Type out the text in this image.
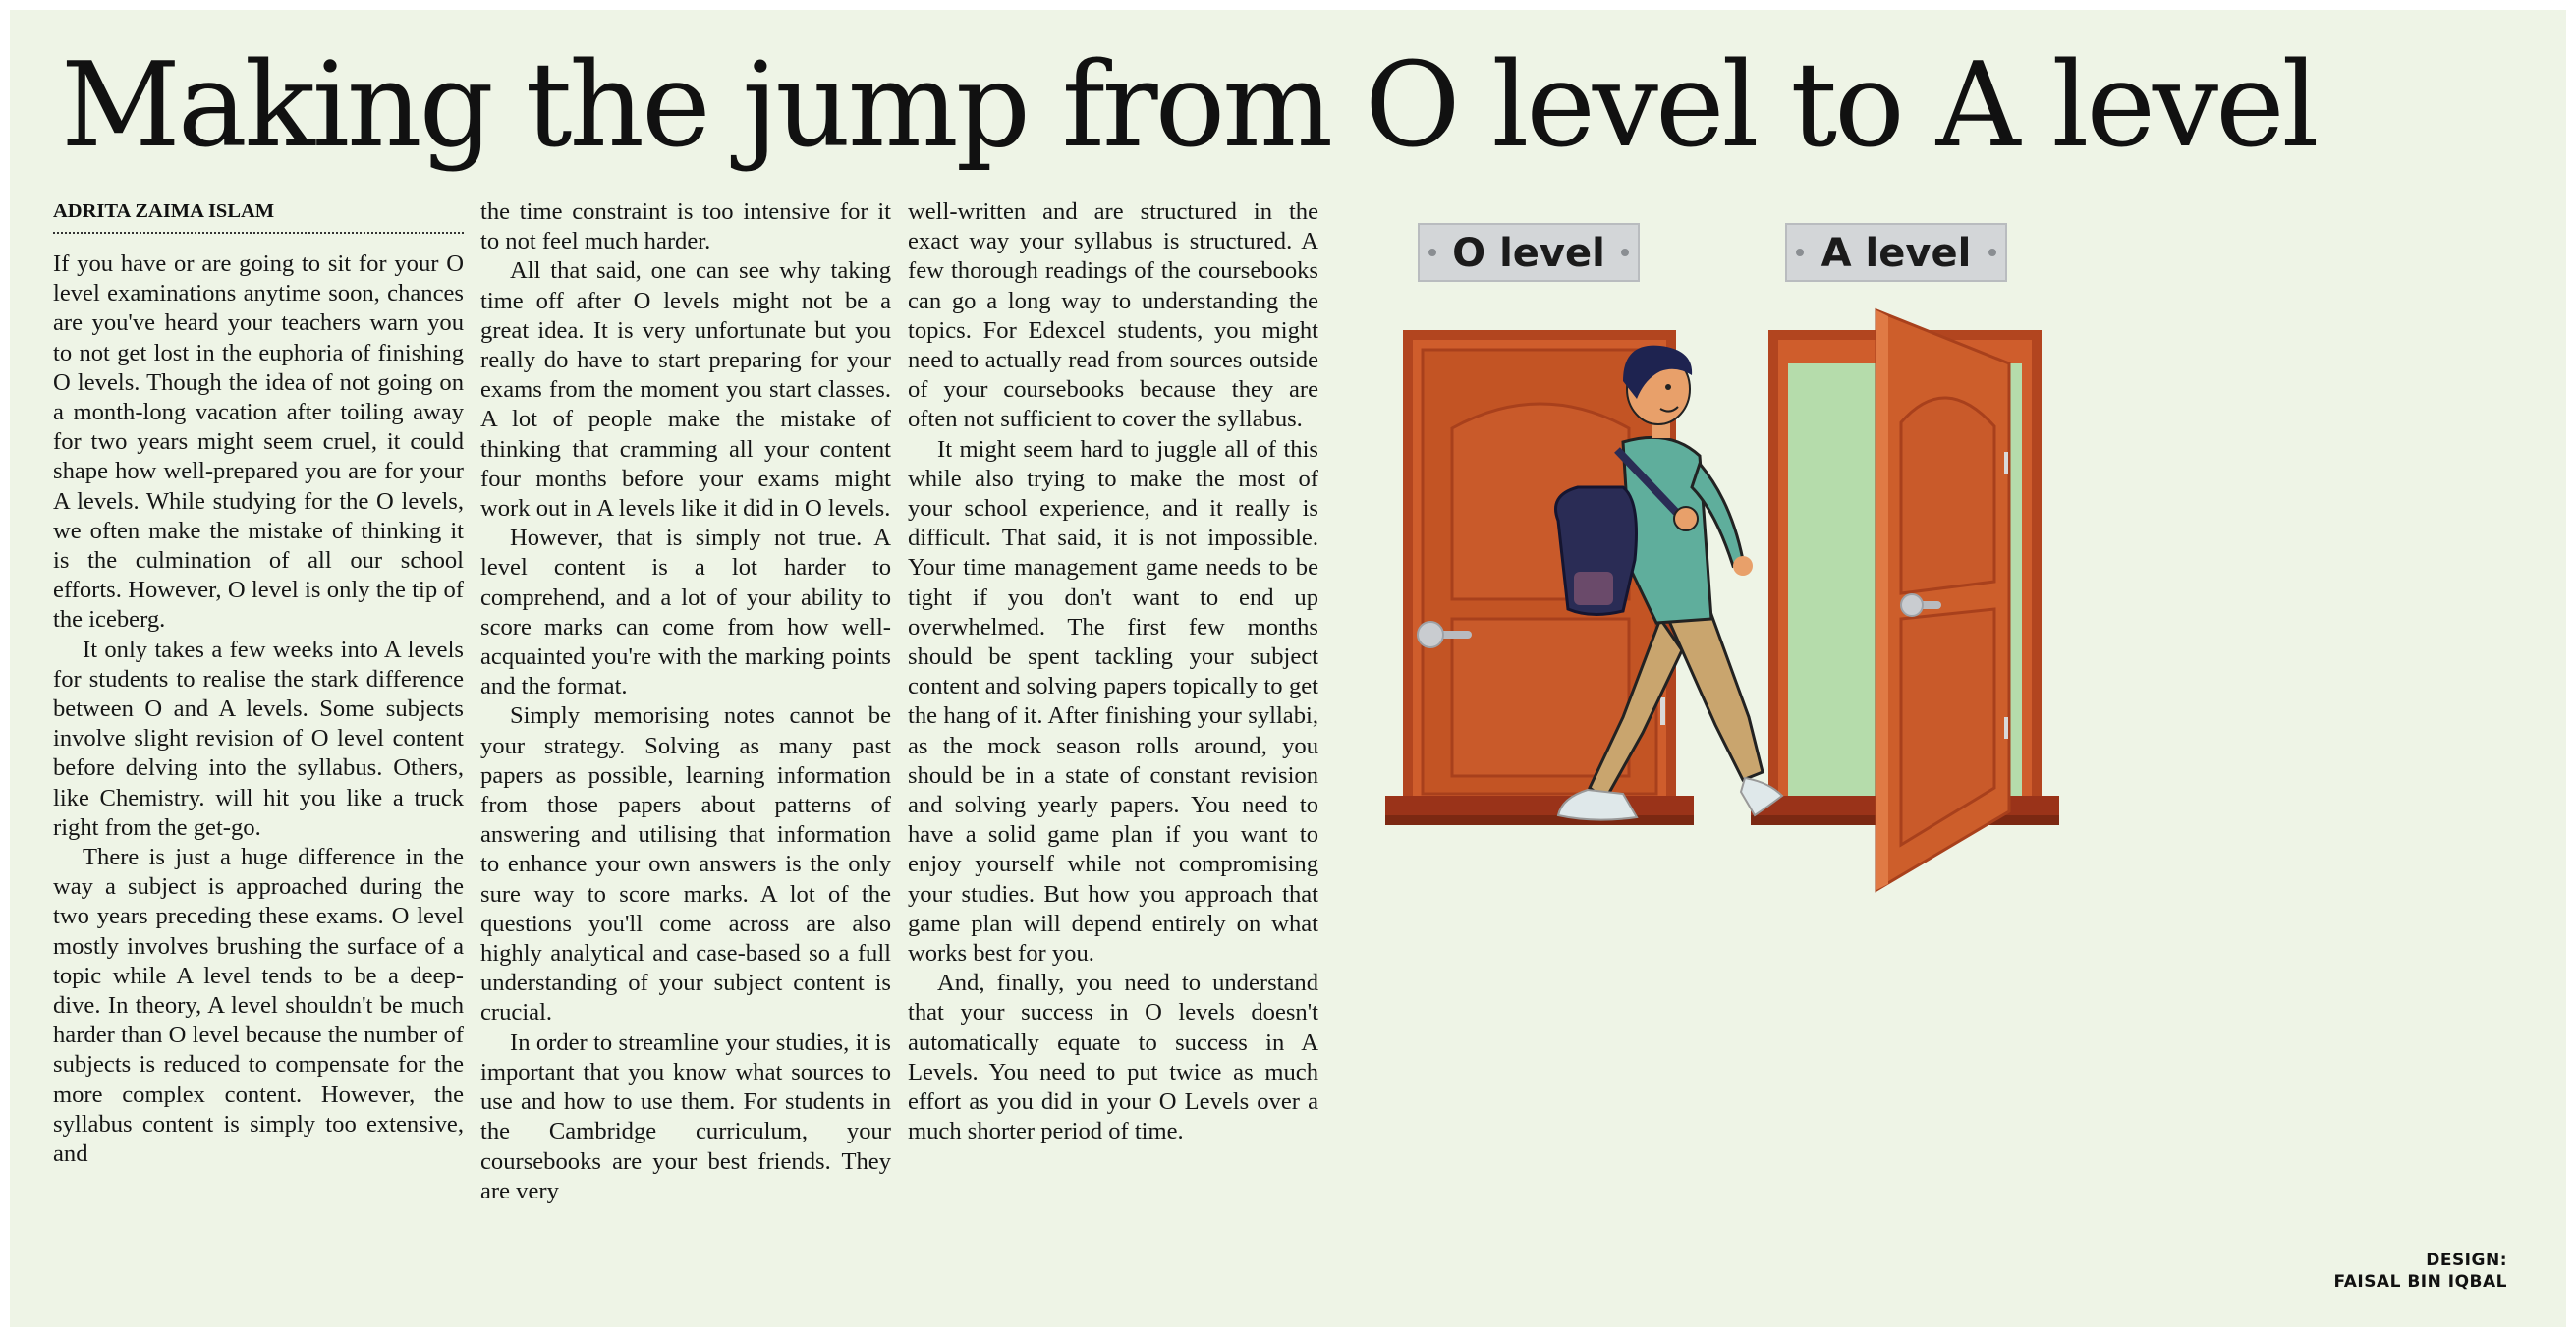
Making the jump from O level to A level
ADRITA ZAIMA ISLAM

If you have or are going to sit for your O level examinations anytime soon, chances are you've heard your teachers warn you to not get lost in the euphoria of finishing O levels. Though the idea of not going on a month-long vacation after toiling away for two years might seem cruel, it could shape how well-prepared you are for your A levels. While studying for the O levels, we often make the mistake of thinking it is the culmination of all our school efforts. However, O level is only the tip of the iceberg.

It only takes a few weeks into A levels for students to realise the stark difference between O and A levels. Some subjects involve slight revision of O level content before delving into the syllabus. Others, like Chemistry. will hit you like a truck right from the get-go.

There is just a huge difference in the way a subject is approached during the two years preceding these exams. O level mostly involves brushing the surface of a topic while A level tends to be a deep-dive. In theory, A level shouldn't be much harder than O level because the number of subjects is reduced to compensate for the more complex content. However, the syllabus content is simply too extensive, and

the time constraint is too intensive for it to not feel much harder.

All that said, one can see why taking time off after O levels might not be a great idea. It is very unfortunate but you really do have to start preparing for your exams from the moment you start classes. A lot of people make the mistake of thinking that cramming all your content four months before your exams might work out in A levels like it did in O levels.

However, that is simply not true. A level content is a lot harder to comprehend, and a lot of your ability to score marks can come from how well-acquainted you're with the marking points and the format.

Simply memorising notes cannot be your strategy. Solving as many past papers as possible, learning information from those papers about patterns of answering and utilising that information to enhance your own answers is the only sure way to score marks. A lot of the questions you'll come across are also highly analytical and case-based so a full understanding of your subject content is crucial.

In order to streamline your studies, it is important that you know what sources to use and how to use them. For students in the Cambridge curriculum, your coursebooks are your best friends. They are very

well-written and are structured in the exact way your syllabus is structured. A few thorough readings of the coursebooks can go a long way to understanding the topics. For Edexcel students, you might need to actually read from sources outside of your coursebooks because they are often not sufficient to cover the syllabus.

It might seem hard to juggle all of this while also trying to make the most of your school experience, and it really is difficult. That said, it is not impossible. Your time management game needs to be tight if you don't want to end up overwhelmed. The first few months should be spent tackling your subject content and solving papers topically to get the hang of it. After finishing your syllabi, as the mock season rolls around, you should be in a state of constant revision and solving yearly papers. You need to have a solid game plan if you want to enjoy yourself while not compromising your studies. But how you approach that game plan will depend entirely on what works best for you.

And, finally, you need to understand that your success in O levels doesn't automatically equate to success in A Levels. You need to put twice as much effort as you did in your O Levels over a much shorter period of time.

O level	A level
DESIGN:
FAISAL BIN IQBAL
